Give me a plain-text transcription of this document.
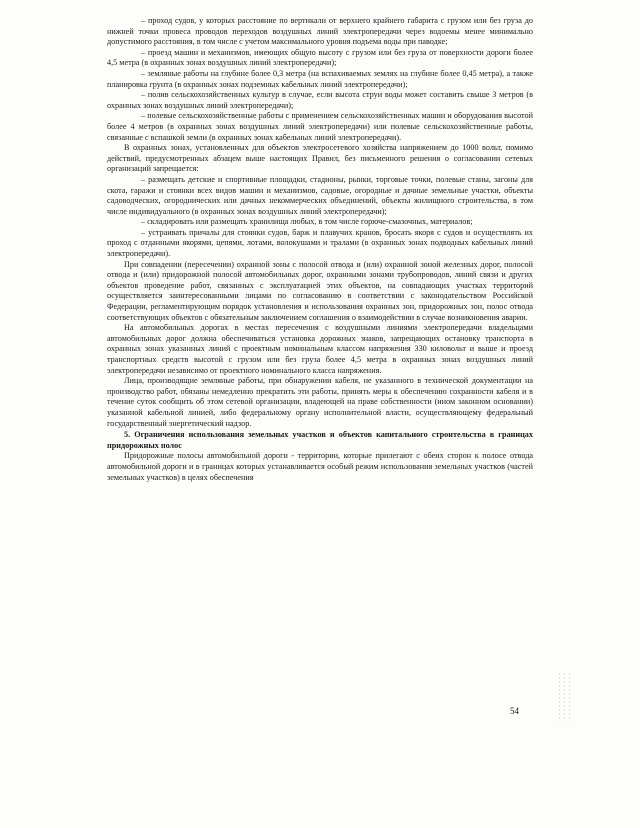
– проход судов, у которых расстояние по вертикали от верхнего крайнего габарита с грузом или без груза до нижней точки провеса проводов переходов воздушных линий электропередачи через водоемы менее минимально допустимого расстояния, в том числе с учетом максимального уровня подъема воды при паводке;

– проезд машин и механизмов, имеющих общую высоту с грузом или без груза от поверхности дороги более 4,5 метра (в охранных зонах воздушных линий электропередачи);

– земляные работы на глубине более 0,3 метра (на вспахиваемых землях на глубине более 0,45 метра), а также планировка грунта (в охранных зонах подземных кабельных линий электропередачи);

– полив сельскохозяйственных культур в случае, если высота струи воды может составить свыше 3 метров (в охранных зонах воздушных линий электропередачи);

– полевые сельскохозяйственные работы с применением сельскохозяйственных машин и оборудования высотой более 4 метров (в охранных зонах воздушных линий электропередачи) или полевые сельскохозяйственные работы, связанные с вспашкой земли (в охранных зонах кабельных линий электропередачи).

В охранных зонах, установленных для объектов электросетевого хозяйства напряжением до 1000 вольт, помимо действий, предусмотренных абзацем выше настоящих Правил, без письменного решения о согласовании сетевых организаций запрещается:

– размещать детские и спортивные площадки, стадионы, рынки, торговые точки, полевые станы, загоны для скота, гаражи и стоянки всех видов машин и механизмов, садовые, огородные и дачные земельные участки, объекты садоводческих, огороднических или дачных некоммерческих объединений, объекты жилищного строительства, в том числе индивидуального (в охранных зонах воздушных линий электропередачи);

– складировать или размещать хранилища любых, в том числе горюче-смазочных, материалов;

– устраивать причалы для стоянки судов, барж и плавучих кранов, бросать якоря с судов и осуществлять их проход с отданными якорями, цепями, лотами, волокушами и тралами (в охранных зонах подводных кабельных линий электропередачи).

При совпадении (пересечении) охранной зоны с полосой отвода и (или) охранной зоной железных дорог, полосой отвода и (или) придорожной полосой автомобильных дорог, охранными зонами трубопроводов, линий связи и других объектов проведение работ, связанных с эксплуатацией этих объектов, на совпадающих участках территорий осуществляется заинтересованными лицами по согласованию в соответствии с законодательством Российской Федерации, регламентирующим порядок установления и использования охранных зон, придорожных зон, полос отвода соответствующих объектов с обязательным заключением соглашения о взаимодействии в случае возникновения аварии.

На автомобильных дорогах в местах пересечения с воздушными линиями электропередачи владельцами автомобильных дорог должна обеспечиваться установка дорожных знаков, запрещающих остановку транспорта в охранных зонах указанных линий с проектным номинальным классом напряжения 330 киловольт и выше и проезд транспортных средств высотой с грузом или без груза более 4,5 метра в охранных зонах воздушных линий электропередачи независимо от проектного номинального класса напряжения.

Лица, производящие земляные работы, при обнаружении кабеля, не указанного в технической документации на производство работ, обязаны немедленно прекратить эти работы, принять меры к обеспечению сохранности кабеля и в течение суток сообщить об этом сетевой организации, владеющей на праве собственности (ином законном основании) указанной кабельной линией, либо федеральному органу исполнительной власти, осуществляющему федеральный государственный энергетический надзор.

5. Ограничения использования земельных участков и объектов капитального строительства в границах придорожных полос

Придорожные полосы автомобильной дороги - территории, которые прилегают с обеих сторон к полосе отвода автомобильной дороги и в границах которых устанавливается особый режим использования земельных участков (частей земельных участков) в целях обеспечения

54
